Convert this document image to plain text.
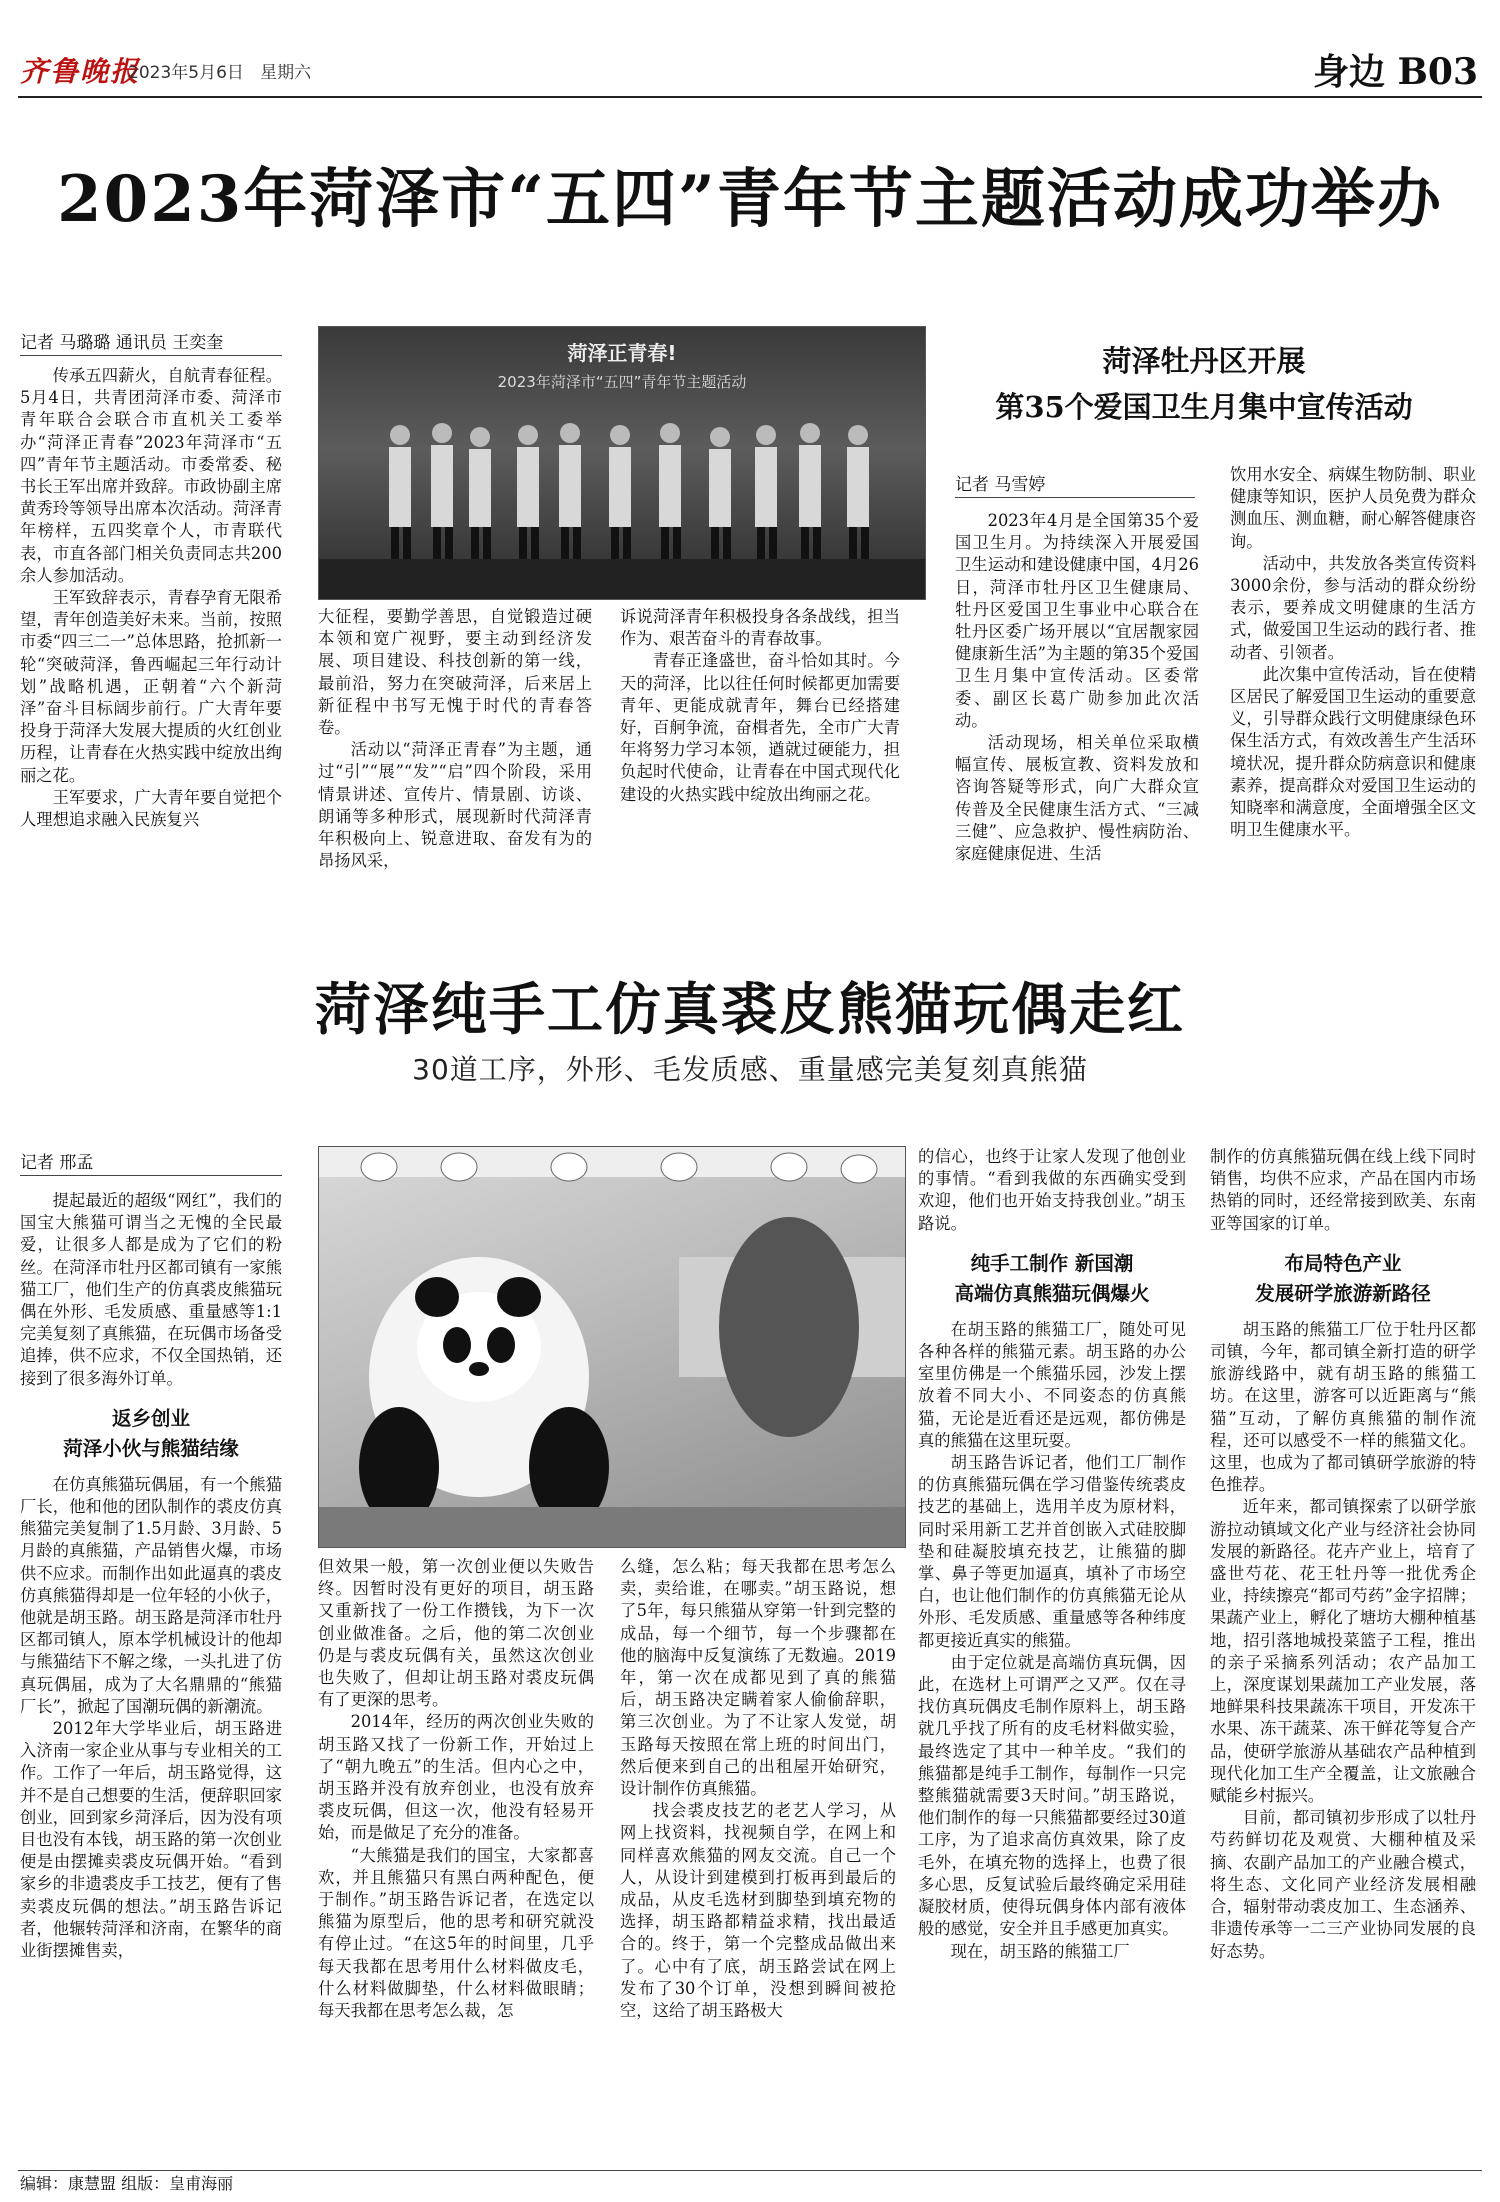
齐鲁晚报
2023年5月6日 星期六	身边 B03
2023年菏泽市“五四”青年节主题活动成功举办
记者 马璐璐 通讯员 王奕奎	菏泽正青春!
2023年菏泽市“五四”青年节主题活动

传承五四薪火，自航青春征程。5月4日，共青团菏泽市委、菏泽市青年联合会联合市直机关工委举办“菏泽正青春”2023年菏泽市“五四”青年节主题活动。市委常委、秘书长王军出席并致辞。市政协副主席黄秀玲等领导出席本次活动。菏泽青年榜样，五四奖章个人，市青联代表，市直各部门相关负责同志共200余人参加活动。

王军致辞表示，青春孕育无限希望，青年创造美好未来。当前，按照市委“四三二一”总体思路，抢抓新一轮“突破菏泽，鲁西崛起三年行动计划”战略机遇，正朝着“六个新菏泽”奋斗目标阔步前行。广大青年要投身于菏泽大发展大提质的火红创业历程，让青春在火热实践中绽放出绚丽之花。

王军要求，广大青年要自觉把个人理想追求融入民族复兴

大征程，要勤学善思，自觉锻造过硬本领和宽广视野，要主动到经济发展、项目建设、科技创新的第一线，最前沿，努力在突破菏泽，后来居上新征程中书写无愧于时代的青春答卷。

活动以“菏泽正青春”为主题，通过“引”“展”“发”“启”四个阶段，采用情景讲述、宣传片、情景剧、访谈、朗诵等多种形式，展现新时代菏泽青年积极向上、锐意进取、奋发有为的昂扬风采，

诉说菏泽青年积极投身各条战线，担当作为、艰苦奋斗的青春故事。

青春正逢盛世，奋斗恰如其时。今天的菏泽，比以往任何时候都更加需要青年、更能成就青年，舞台已经搭建好，百舸争流，奋楫者先，全市广大青年将努力学习本领，遒就过硬能力，担负起时代使命，让青春在中国式现代化建设的火热实践中绽放出绚丽之花。

菏泽牡丹区开展
第35个爱国卫生月集中宣传活动
记者 马雪婷

2023年4月是全国第35个爱国卫生月。为持续深入开展爱国卫生运动和建设健康中国，4月26日，菏泽市牡丹区卫生健康局、牡丹区爱国卫生事业中心联合在牡丹区委广场开展以“宜居靓家园 健康新生活”为主题的第35个爱国卫生月集中宣传活动。区委常委、副区长葛广勋参加此次活动。

活动现场，相关单位采取横幅宣传、展板宣教、资料发放和咨询答疑等形式，向广大群众宣传普及全民健康生活方式、“三减三健”、应急救护、慢性病防治、家庭健康促进、生活

饮用水安全、病媒生物防制、职业健康等知识，医护人员免费为群众测血压、测血糖，耐心解答健康咨询。

活动中，共发放各类宣传资料3000余份，参与活动的群众纷纷表示，要养成文明健康的生活方式，做爱国卫生运动的践行者、推动者、引领者。

此次集中宣传活动，旨在使精区居民了解爱国卫生运动的重要意义，引导群众践行文明健康绿色环保生活方式，有效改善生产生活环境状况，提升群众防病意识和健康素养，提高群众对爱国卫生运动的知晓率和满意度，全面增强全区文明卫生健康水平。

菏泽纯手工仿真裘皮熊猫玩偶走红
30道工序，外形、毛发质感、重量感完美复刻真熊猫
记者 邢孟

提起最近的超级“网红”，我们的国宝大熊猫可谓当之无愧的全民最爱，让很多人都是成为了它们的粉丝。在菏泽市牡丹区都司镇有一家熊猫工厂，他们生产的仿真裘皮熊猫玩偶在外形、毛发质感、重量感等1:1完美复刻了真熊猫，在玩偶市场备受追捧，供不应求，不仅全国热销，还接到了很多海外订单。

返乡创业
菏泽小伙与熊猫结缘

在仿真熊猫玩偶届，有一个熊猫厂长，他和他的团队制作的裘皮仿真熊猫完美复制了1.5月龄、3月龄、5月龄的真熊猫，产品销售火爆，市场供不应求。而制作出如此逼真的裘皮仿真熊猫得却是一位年轻的小伙子，他就是胡玉路。胡玉路是菏泽市牡丹区都司镇人，原本学机械设计的他却与熊猫结下不解之缘，一头扎进了仿真玩偶届，成为了大名鼎鼎的“熊猫厂长”，掀起了国潮玩偶的新潮流。

2012年大学毕业后，胡玉路进入济南一家企业从事与专业相关的工作。工作了一年后，胡玉路觉得，这并不是自己想要的生活，便辞职回家创业，回到家乡菏泽后，因为没有项目也没有本钱，胡玉路的第一次创业便是由摆摊卖裘皮玩偶开始。“看到家乡的非遗裘皮手工技艺，便有了售卖裘皮玩偶的想法。”胡玉路告诉记者，他辗转菏泽和济南，在繁华的商业街摆摊售卖，

但效果一般，第一次创业便以失败告终。因暂时没有更好的项目，胡玉路又重新找了一份工作攒钱，为下一次创业做准备。之后，他的第二次创业仍是与裘皮玩偶有关，虽然这次创业也失败了，但却让胡玉路对裘皮玩偶有了更深的思考。

2014年，经历的两次创业失败的胡玉路又找了一份新工作，开始过上了“朝九晚五”的生活。但内心之中，胡玉路并没有放弃创业，也没有放弃裘皮玩偶，但这一次，他没有轻易开始，而是做足了充分的准备。

“大熊猫是我们的国宝，大家都喜欢，并且熊猫只有黑白两种配色，便于制作。”胡玉路告诉记者，在选定以熊猫为原型后，他的思考和研究就没有停止过。“在这5年的时间里，几乎每天我都在思考用什么材料做皮毛，什么材料做脚垫，什么材料做眼睛；每天我都在思考怎么裁，怎

么缝，怎么粘；每天我都在思考怎么卖，卖给谁，在哪卖。”胡玉路说，想了5年，每只熊猫从穿第一针到完整的成品，每一个细节，每一个步骤都在他的脑海中反复演练了无数遍。2019年，第一次在成都见到了真的熊猫后，胡玉路决定瞒着家人偷偷辞职，第三次创业。为了不让家人发觉，胡玉路每天按照在常上班的时间出门，然后便来到自己的出租屋开始研究，设计制作仿真熊猫。

找会裘皮技艺的老艺人学习，从网上找资料，找视频自学，在网上和同样喜欢熊猫的网友交流。自己一个人，从设计到建模到打板再到最后的成品，从皮毛选材到脚垫到填充物的选择，胡玉路都精益求精，找出最适合的。终于，第一个完整成品做出来了。心中有了底，胡玉路尝试在网上发布了30个订单，没想到瞬间被抢空，这给了胡玉路极大

的信心，也终于让家人发现了他创业的事情。“看到我做的东西确实受到欢迎，他们也开始支持我创业。”胡玉路说。

纯手工制作 新国潮
高端仿真熊猫玩偶爆火

在胡玉路的熊猫工厂，随处可见各种各样的熊猫元素。胡玉路的办公室里仿佛是一个熊猫乐园，沙发上摆放着不同大小、不同姿态的仿真熊猫，无论是近看还是远观，都仿佛是真的熊猫在这里玩耍。

胡玉路告诉记者，他们工厂制作的仿真熊猫玩偶在学习借鉴传统裘皮技艺的基础上，选用羊皮为原材料，同时采用新工艺并首创嵌入式硅胶脚垫和硅凝胶填充技艺，让熊猫的脚掌、鼻子等更加逼真，填补了市场空白，也让他们制作的仿真熊猫无论从外形、毛发质感、重量感等各种纬度都更接近真实的熊猫。

由于定位就是高端仿真玩偶，因此，在选材上可谓严之又严。仅在寻找仿真玩偶皮毛制作原料上，胡玉路就几乎找了所有的皮毛材料做实验，最终选定了其中一种羊皮。“我们的熊猫都是纯手工制作，每制作一只完整熊猫就需要3天时间。”胡玉路说，他们制作的每一只熊猫都要经过30道工序，为了追求高仿真效果，除了皮毛外，在填充物的选择上，也费了很多心思，反复试验后最终确定采用硅凝胶材质，使得玩偶身体内部有液体般的感觉，安全并且手感更加真实。

现在，胡玉路的熊猫工厂

制作的仿真熊猫玩偶在线上线下同时销售，均供不应求，产品在国内市场热销的同时，还经常接到欧美、东南亚等国家的订单。

布局特色产业
发展研学旅游新路径

胡玉路的熊猫工厂位于牡丹区都司镇，今年，都司镇全新打造的研学旅游线路中，就有胡玉路的熊猫工坊。在这里，游客可以近距离与“熊猫”互动，了解仿真熊猫的制作流程，还可以感受不一样的熊猫文化。这里，也成为了都司镇研学旅游的特色推荐。

近年来，都司镇探索了以研学旅游拉动镇域文化产业与经济社会协同发展的新路径。花卉产业上，培育了盛世芍花、花王牡丹等一批优秀企业，持续擦亮“都司芍药”金字招牌；果蔬产业上，孵化了塘坊大棚种植基地，招引落地城投菜篮子工程，推出的亲子采摘系列活动；农产品加工上，深度谋划果蔬加工产业发展，落地鲜果科技果蔬冻干项目，开发冻干水果、冻干蔬菜、冻干鲜花等复合产品，使研学旅游从基础农产品种植到现代化加工生产全覆盖，让文旅融合赋能乡村振兴。

目前，都司镇初步形成了以牡丹芍药鲜切花及观赏、大棚种植及采摘、农副产品加工的产业融合模式，将生态、文化同产业经济发展相融合，辐射带动裘皮加工、生态涵养、非遗传承等一二三产业协同发展的良好态势。

编辑：康慧盟 组版：皇甫海丽
